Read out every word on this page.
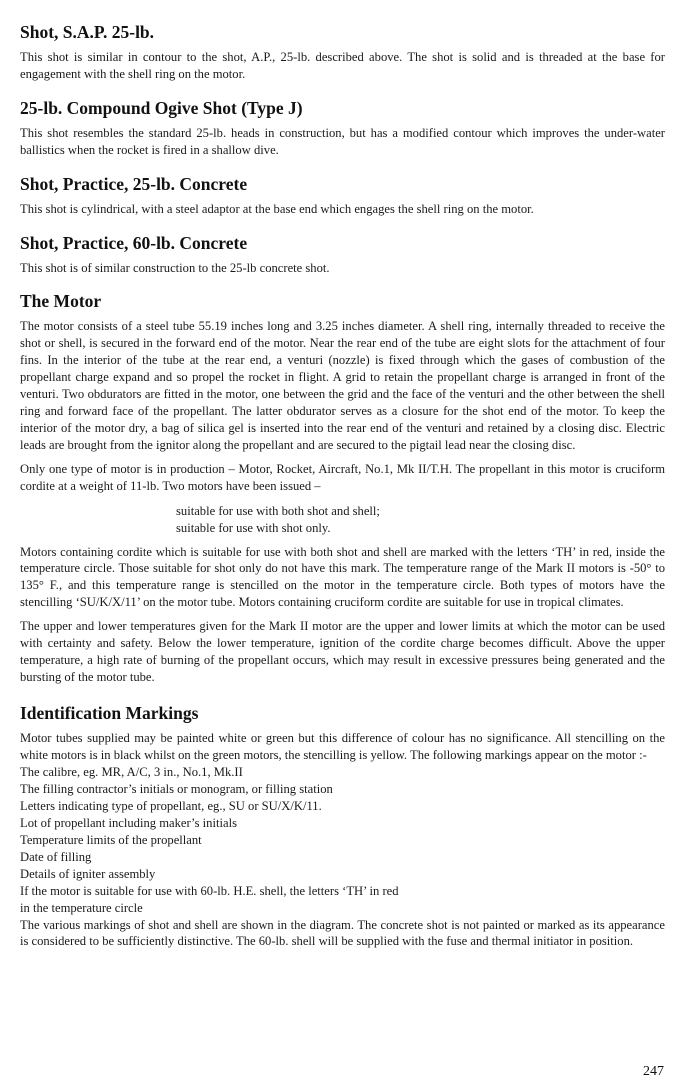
Shot, S.A.P. 25-lb.

This shot is similar in contour to the shot, A.P., 25-lb. described above. The shot is solid and is threaded at the base for engagement with the shell ring on the motor.

25-lb. Compound Ogive Shot (Type J)

This shot resembles the standard 25-lb. heads in construction, but has a modified contour which improves the under-water ballistics when the rocket is fired in a shallow dive.

Shot, Practice, 25-lb. Concrete

This shot is cylindrical, with a steel adaptor at the base end which engages the shell ring on the motor.

Shot, Practice, 60-lb. Concrete

This shot is of similar construction to the 25-lb concrete shot.

The Motor

The motor consists of a steel tube 55.19 inches long and 3.25 inches diameter. A shell ring, internally threaded to receive the shot or shell, is secured in the forward end of the motor. Near the rear end of the tube are eight slots for the attachment of four fins. In the interior of the tube at the rear end, a venturi (nozzle) is fixed through which the gases of combustion of the propellant charge expand and so propel the rocket in flight. A grid to retain the propellant charge is arranged in front of the venturi. Two obdurators are fitted in the motor, one between the grid and the face of the venturi and the other between the shell ring and forward face of the propellant. The latter obdurator serves as a closure for the shot end of the motor. To keep the interior of the motor dry, a bag of silica gel is inserted into the rear end of the venturi and retained by a closing disc. Electric leads are brought from the ignitor along the propellant and are secured to the pigtail lead near the closing disc.

Only one type of motor is in production – Motor, Rocket, Aircraft, No.1, Mk II/T.H. The propellant in this motor is cruciform cordite at a weight of 11-lb. Two motors have been issued –

suitable for use with both shot and shell;
suitable for use with shot only.

Motors containing cordite which is suitable for use with both shot and shell are marked with the letters ‘TH’ in red, inside the temperature circle. Those suitable for shot only do not have this mark. The temperature range of the Mark II motors is -50° to 135° F., and this temperature range is stencilled on the motor in the temperature circle. Both types of motors have the stencilling ‘SU/K/X/11’ on the motor tube. Motors containing cruciform cordite are suitable for use in tropical climates.

The upper and lower temperatures given for the Mark II motor are the upper and lower limits at which the motor can be used with certainty and safety. Below the lower temperature, ignition of the cordite charge becomes difficult. Above the upper temperature, a high rate of burning of the propellant occurs, which may result in excessive pressures being generated and the bursting of the motor tube.

Identification Markings

Motor tubes supplied may be painted white or green but this difference of colour has no significance. All stencilling on the white motors is in black whilst on the green motors, the stencilling is yellow. The following markings appear on the motor :-

The calibre, eg. MR, A/C, 3 in., No.1, Mk.II
The filling contractor’s initials or monogram, or filling station
Letters indicating type of propellant, eg., SU or SU/X/K/11.
Lot of propellant including maker’s initials
Temperature limits of the propellant
Date of filling
Details of igniter assembly
If the motor is suitable for use with 60-lb. H.E. shell, the letters ‘TH’ in red
in the temperature circle

The various markings of shot and shell are shown in the diagram. The concrete shot is not painted or marked as its appearance is considered to be sufficiently distinctive. The 60-lb. shell will be supplied with the fuse and thermal initiator in position.

247
